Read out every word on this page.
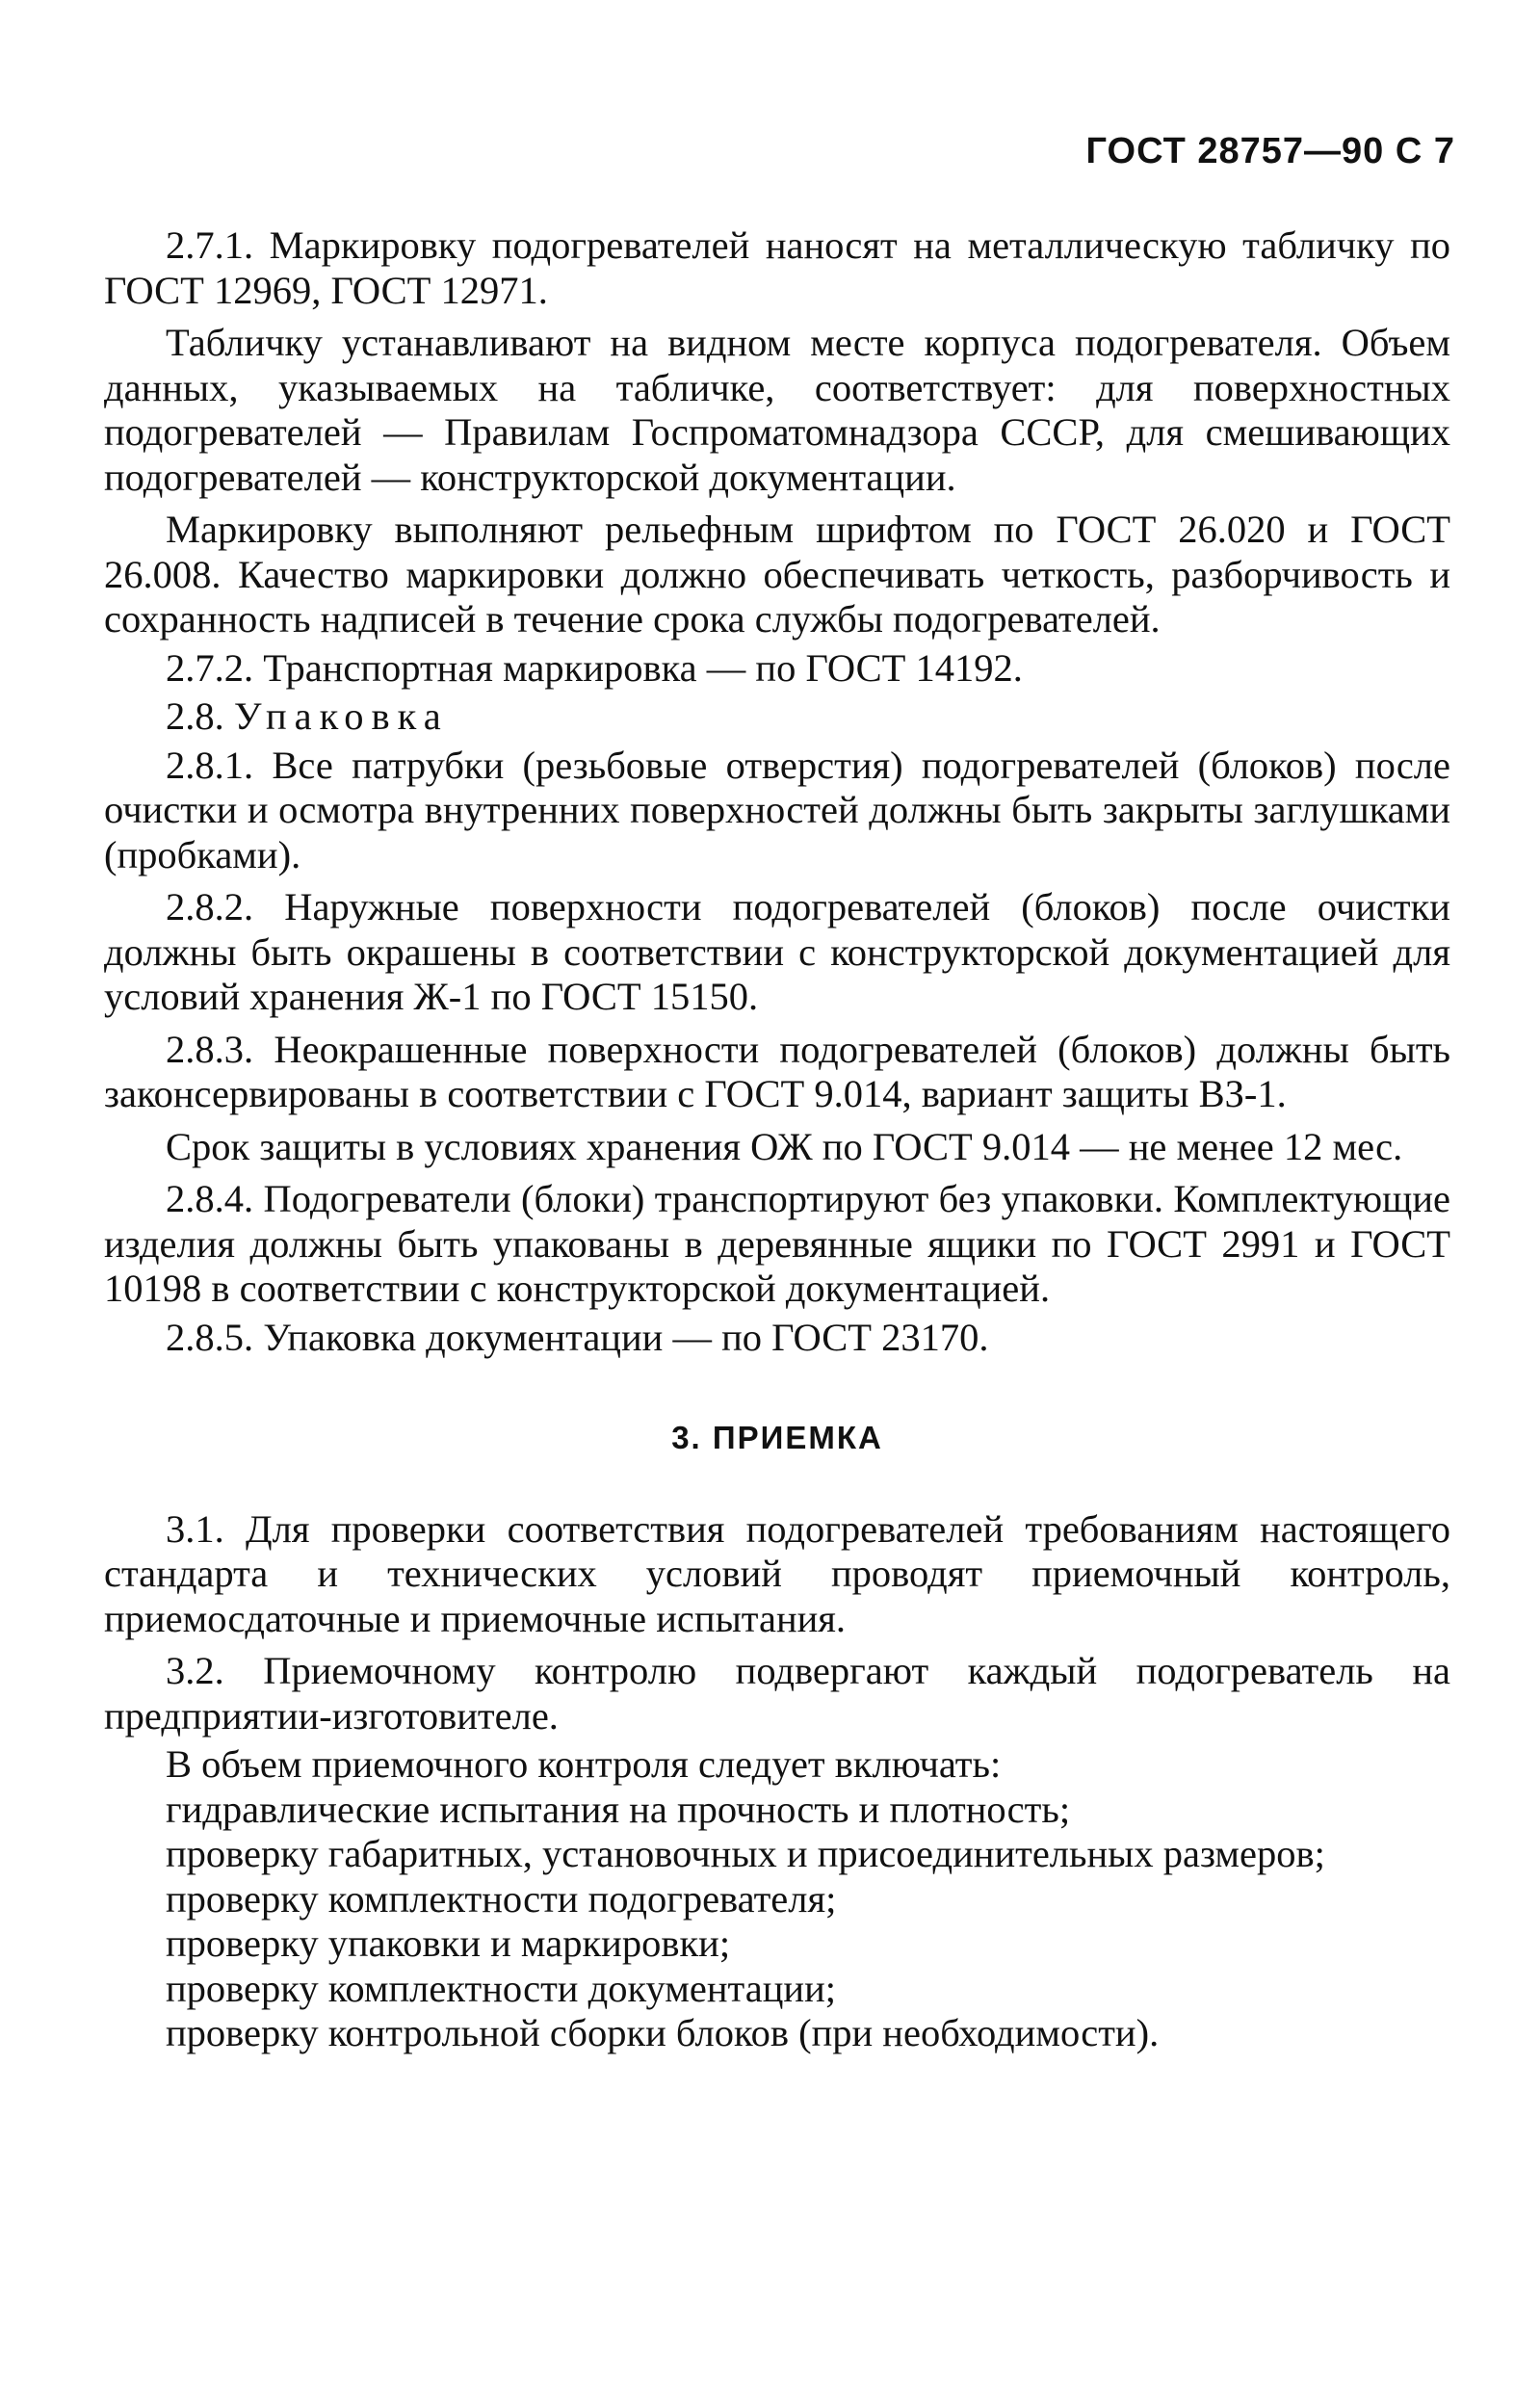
ГОСТ 28757—90 С 7

2.7.1. Маркировку подогревателей наносят на металлическую табличку по ГОСТ 12969, ГОСТ 12971.

Табличку устанавливают на видном месте корпуса подогревателя. Объем данных, указываемых на табличке, соответствует: для поверхностных подогревателей — Правилам Госпроматомнадзора СССР, для смешивающих подогревателей — конструкторской документации.

Маркировку выполняют рельефным шрифтом по ГОСТ 26.020 и ГОСТ 26.008. Качество маркировки должно обеспечивать четкость, разборчивость и сохранность надписей в течение срока службы подогревателей.

2.7.2. Транспортная маркировка — по ГОСТ 14192.

2.8. Упаковка

2.8.1. Все патрубки (резьбовые отверстия) подогревателей (блоков) после очистки и осмотра внутренних поверхностей должны быть закрыты заглушками (пробками).

2.8.2. Наружные поверхности подогревателей (блоков) после очистки должны быть окрашены в соответствии с конструкторской документацией для условий хранения Ж-1 по ГОСТ 15150.

2.8.3. Неокрашенные поверхности подогревателей (блоков) должны быть законсервированы в соответствии с ГОСТ 9.014, вариант защиты ВЗ-1.

Срок защиты в условиях хранения ОЖ по ГОСТ 9.014 — не менее 12 мес.

2.8.4. Подогреватели (блоки) транспортируют без упаковки. Комплектующие изделия должны быть упакованы в деревянные ящики по ГОСТ 2991 и ГОСТ 10198 в соответствии с конструкторской документацией.

2.8.5. Упаковка документации — по ГОСТ 23170.

3. ПРИЕМКА

3.1. Для проверки соответствия подогревателей требованиям настоящего стандарта и технических условий проводят приемочный контроль, приемосдаточные и приемочные испытания.

3.2. Приемочному контролю подвергают каждый подогреватель на предприятии-изготовителе.

В объем приемочного контроля следует включать:

гидравлические испытания на прочность и плотность;

проверку габаритных, установочных и присоединительных размеров;

проверку комплектности подогревателя;

проверку упаковки и маркировки;

проверку комплектности документации;

проверку контрольной сборки блоков (при необходимости).
